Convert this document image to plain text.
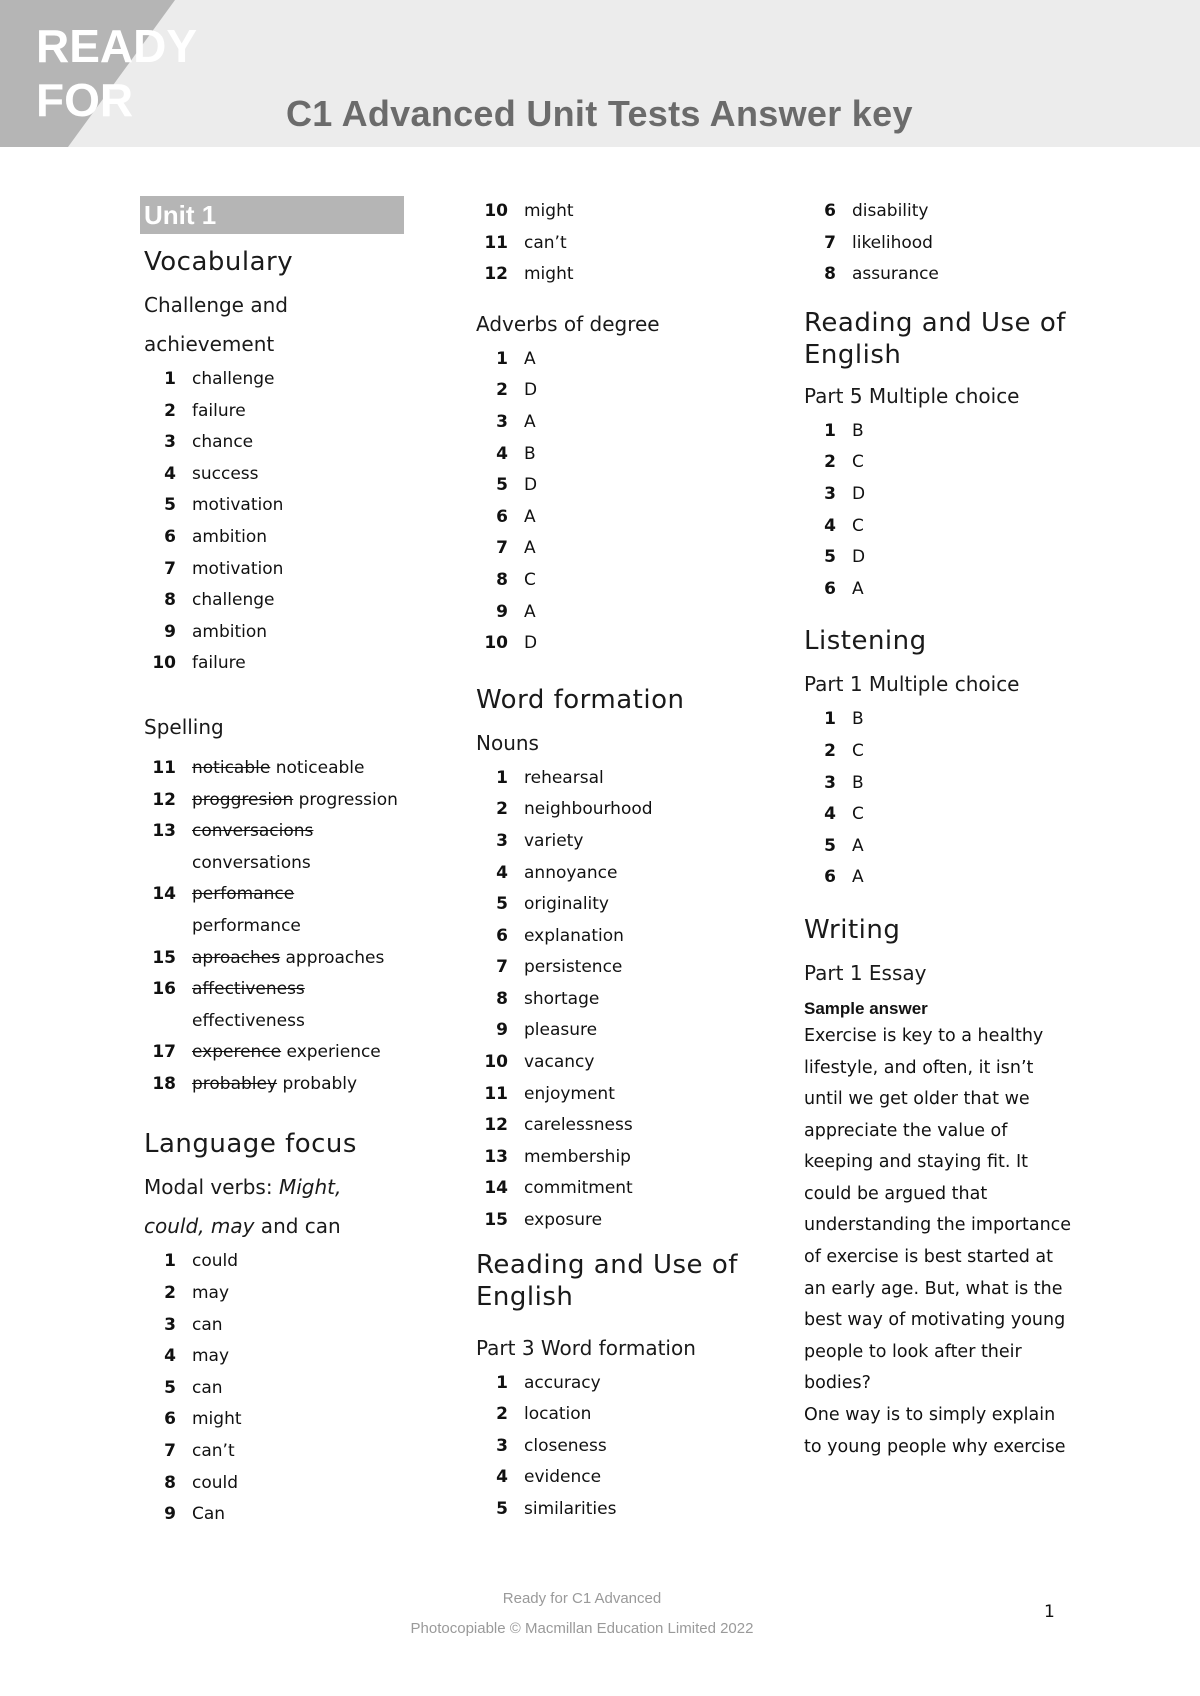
READY
FOR	C1 Advanced Unit Tests Answer key
Unit 1
Vocabulary
Challenge and
achievement
1 challenge
2 failure
3 chance
4 success
5 motivation
6 ambition
7 motivation
8 challenge
9 ambition
10 failure
Spelling
11 noticable noticeable
12 proggresion progression
13 conversacions
conversations
14 perfomance
performance
15 aproaches approaches
16 affectiveness
effectiveness
17 experence experience
18 probabley probably
Language focus
Modal verbs: Might,
could, may and can
1 could
2 may
3 can
4 may
5 can
6 might
7 can’t
8 could
9 Can
10 might
11 can’t
12 might
Adverbs of degree
1 A
2 D
3 A
4 B
5 D
6 A
7 A
8 C
9 A
10 D
Word formation
Nouns
1 rehearsal
2 neighbourhood
3 variety
4 annoyance
5 originality
6 explanation
7 persistence
8 shortage
9 pleasure
10 vacancy
11 enjoyment
12 carelessness
13 membership
14 commitment
15 exposure
Reading and Use of
English
Part 3 Word formation
1 accuracy
2 location
3 closeness
4 evidence
5 similarities
6 disability
7 likelihood
8 assurance
Reading and Use of
English
Part 5 Multiple choice
1 B
2 C
3 D
4 C
5 D
6 A
Listening
Part 1 Multiple choice
1 B
2 C
3 B
4 C
5 A
6 A
Writing
Part 1 Essay
Sample answer
Exercise is key to a healthy lifestyle, and often, it isn’t until we get older that we appreciate the value of keeping and staying fit. It could be argued that understanding the importance of exercise is best started at an early age. But, what is the best way of motivating young people to look after their bodies?
One way is to simply explain to young people why exercise
Ready for C1 Advanced
Photocopiable © Macmillan Education Limited 2022
1
